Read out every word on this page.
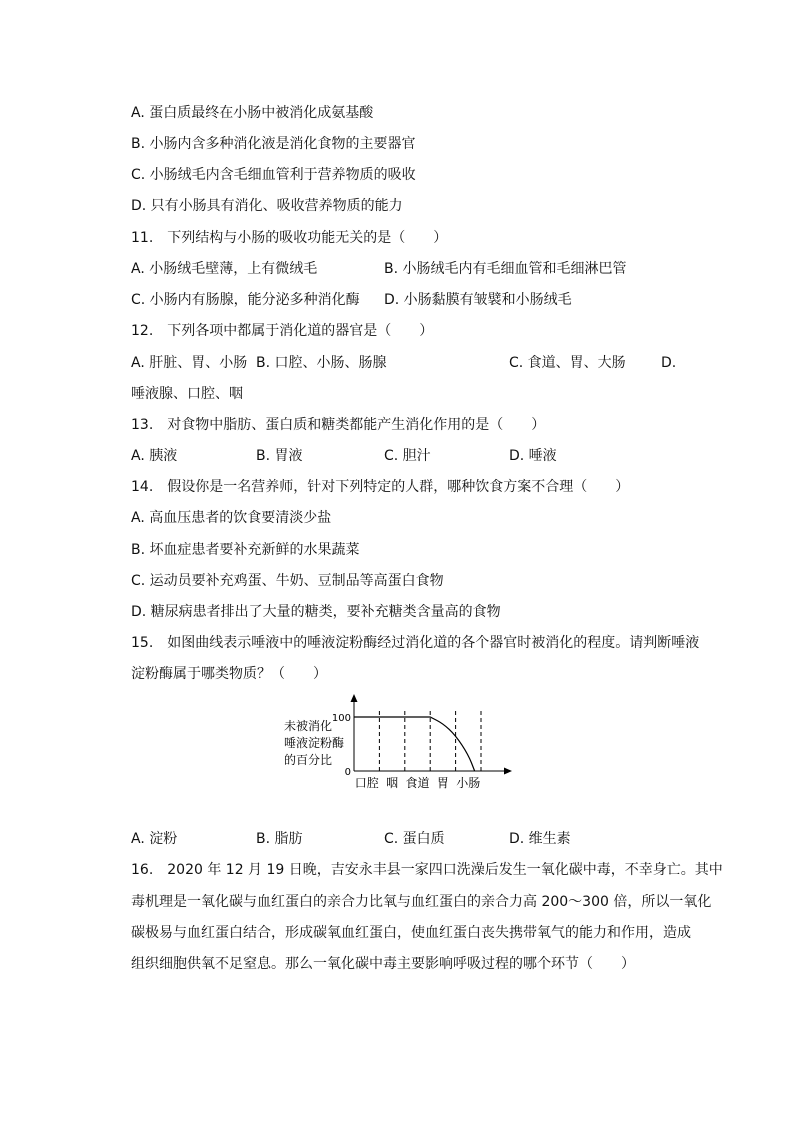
A. 蛋白质最终在小肠中被消化成氨基酸
B. 小肠内含多种消化液是消化食物的主要器官
C. 小肠绒毛内含毛细血管利于营养物质的吸收
D. 只有小肠具有消化、吸收营养物质的能力
11. 下列结构与小肠的吸收功能无关的是（　　）
A. 小肠绒毛壁薄，上有微绒毛	B. 小肠绒毛内有毛细血管和毛细淋巴管
C. 小肠内有肠腺，能分泌多种消化酶 D. 小肠黏膜有皱襞和小肠绒毛
12. 下列各项中都属于消化道的器官是（　　）
A. 肝脏、胃、小肠 B. 口腔、小肠、肠腺	C. 食道、胃、大肠	D.
唾液腺、口腔、咽
13. 对食物中脂肪、蛋白质和糖类都能产生消化作用的是（　　）
A. 胰液	B. 胃液	C. 胆汁	D. 唾液
14. 假设你是一名营养师，针对下列特定的人群，哪种饮食方案不合理（　　）
A. 高血压患者的饮食要清淡少盐
B. 坏血症患者要补充新鲜的水果蔬菜
C. 运动员要补充鸡蛋、牛奶、豆制品等高蛋白食物
D. 糖尿病患者排出了大量的糖类，要补充糖类含量高的食物
15. 如图曲线表示唾液中的唾液淀粉酶经过消化道的各个器官时被消化的程度。请判断唾液
淀粉酶属于哪类物质？（　　）
100
0
未被消化
唾液淀粉酶
的百分比
口腔 咽 食道 胃 小肠
A. 淀粉	B. 脂肪	C. 蛋白质	D. 维生素
16. 2020 年 12 月 19 日晚，吉安永丰县一家四口洗澡后发生一氧化碳中毒，不幸身亡。其中
毒机理是一氧化碳与血红蛋白的亲合力比氧与血红蛋白的亲合力高 200～300 倍，所以一氧化
碳极易与血红蛋白结合，形成碳氧血红蛋白，使血红蛋白丧失携带氧气的能力和作用，造成
组织细胞供氧不足窒息。那么一氧化碳中毒主要影响呼吸过程的哪个环节（　　）
